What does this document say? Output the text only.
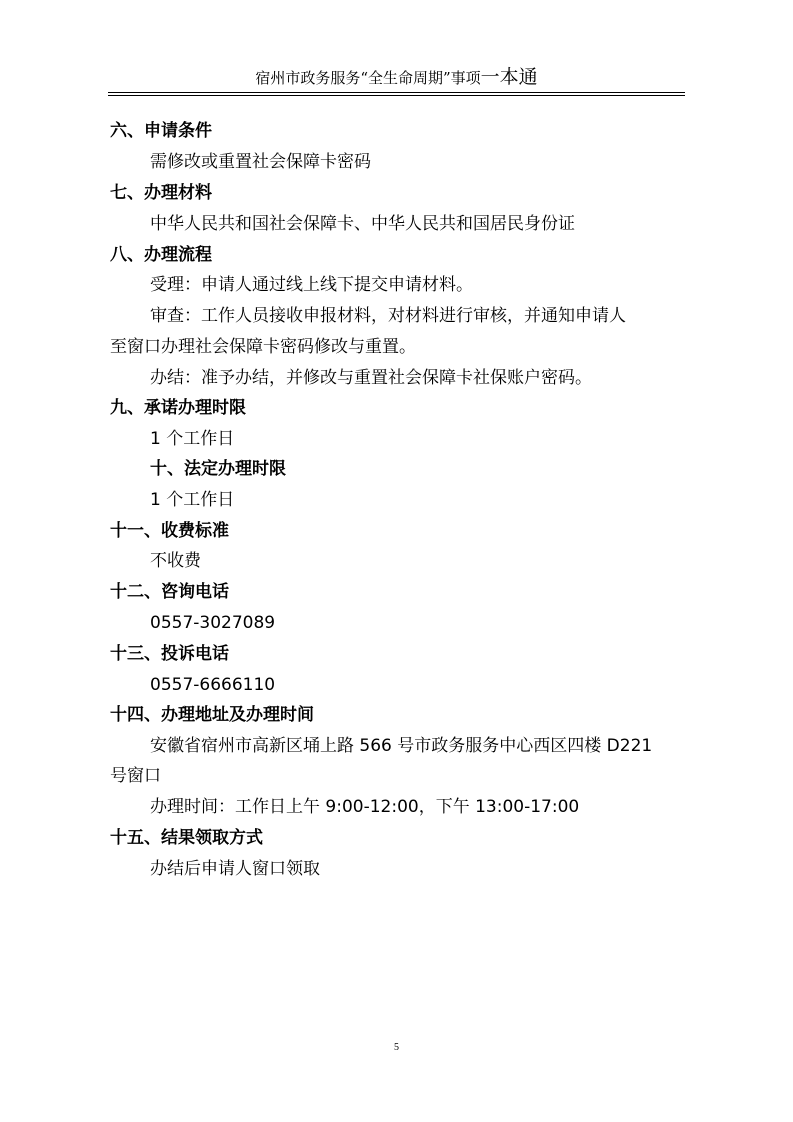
宿州市政务服务“全生命周期”事项一本通
六、申请条件
需修改或重置社会保障卡密码
七、办理材料
中华人民共和国社会保障卡、中华人民共和国居民身份证
八、办理流程
受理：申请人通过线上线下提交申请材料。
审查：工作人员接收申报材料，对材料进行审核，并通知申请人
至窗口办理社会保障卡密码修改与重置。
办结：准予办结，并修改与重置社会保障卡社保账户密码。
九、承诺办理时限
1 个工作日
十、法定办理时限
1 个工作日
十一、收费标准
不收费
十二、咨询电话
0557-3027089
十三、投诉电话
0557-6666110
十四、办理地址及办理时间
安徽省宿州市高新区埇上路 566 号市政务服务中心西区四楼 D221
号窗口
办理时间：工作日上午 9:00-12:00，下午 13:00-17:00
十五、结果领取方式
办结后申请人窗口领取
5
